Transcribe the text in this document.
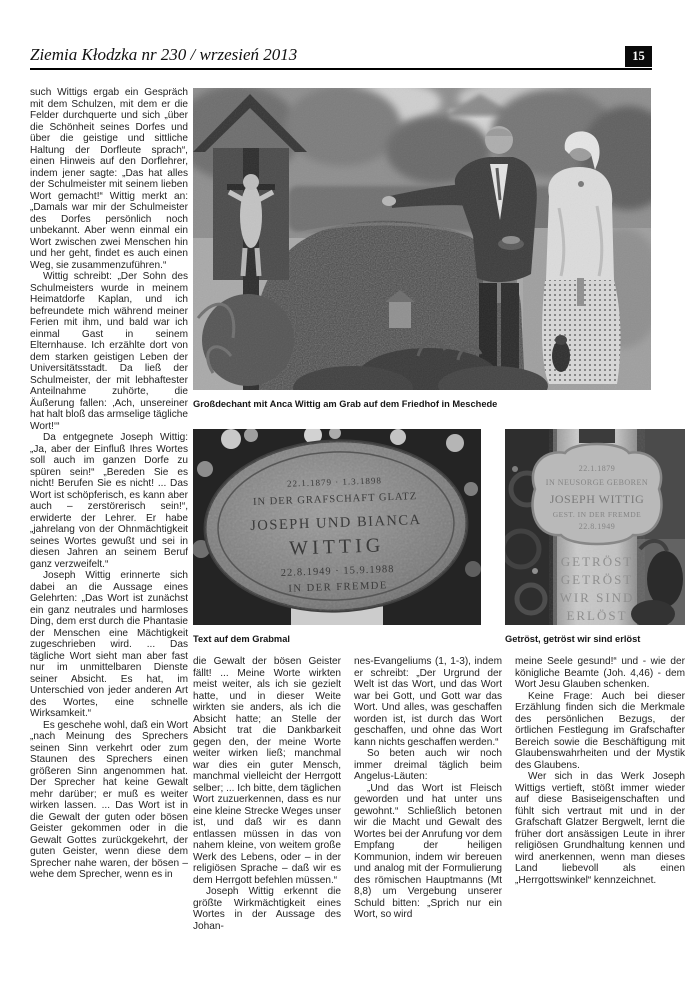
Ziemia Kłodzka nr 230 / wrzesień 2013	15

such Wittigs ergab ein Gespräch mit dem Schulzen, mit dem er die Felder durchquerte und sich „über die Schönheit seines Dorfes und über die geistige und sittliche Haltung der Dorfleute sprach“, einen Hinweis auf den Dorflehrer, indem jener sagte: „Das hat alles der Schulmeister mit seinem lieben Wort gemacht!“ Wittig merkt an: „Damals war mir der Schulmeister des Dorfes persönlich noch unbekannt. Aber wenn einmal ein Wort zwischen zwei Menschen hin und her geht, findet es auch einen Weg, sie zusammenzuführen.“

Wittig schreibt: „Der Sohn des Schulmeisters wurde in meinem Heimatdorfe Kaplan, und ich befreundete mich während meiner Ferien mit ihm, und bald war ich einmal Gast in seinem Elternhause. Ich erzählte dort von dem starken geistigen Leben der Universitätsstadt. Da ließ der Schulmeister, der mit lebhaftester Anteilnahme zuhörte, die Äußerung fallen: ‚Ach, unsereiner hat halt bloß das armselige tägliche Wort!‘“

Da entgegnete Joseph Wittig: „Ja, aber der Einfluß Ihres Wortes soll auch im ganzen Dorfe zu spüren sein!“ „Bereden Sie es nicht! Berufen Sie es nicht! ... Das Wort ist schöpferisch, es kann aber auch – zerstörerisch sein!“, erwiderte der Lehrer. Er habe „jahrelang von der Ohnmächtigkeit seines Wortes gewußt und sei in diesen Jahren an seinem Beruf ganz verzweifelt.“

Joseph Wittig erinnerte sich dabei an die Aussage eines Gelehrten: „Das Wort ist zunächst ein ganz neutrales und harmloses Ding, dem erst durch die Phantasie der Menschen eine Mächtigkeit zugeschrieben wird. ... Das tägliche Wort sieht man aber fast nur im unmittelbaren Dienste seiner Absicht. Es hat, im Unterschied von jeder anderen Art des Wortes, eine schnelle Wirksamkeit.“

Es geschehe wohl, daß ein Wort „nach Meinung des Sprechers seinen Sinn verkehrt oder zum Staunen des Sprechers einen größeren Sinn angenommen hat. Der Sprecher hat keine Gewalt mehr darüber; er muß es weiter wirken lassen. ... Das Wort ist in die Gewalt der guten oder bösen Geister gekommen oder in die Gewalt Gottes zurückgekehrt, der guten Geister, wenn diese dem Sprecher nahe waren, der bösen – wehe dem Sprecher, wenn es in

Großdechant mit Anca Wittig am Grab auf dem Friedhof in Meschede
22.1.1879 · 1.3.1898
IN DER GRAFSCHAFT GLATZ
JOSEPH UND BIANCA
WITTIG
22.8.1949 · 15.9.1988
IN DER FREMDE
Text auf dem Grabmal
22.1.1879
IN NEUSORGE GEBOREN
JOSEPH WITTIG
GEST. IN DER FREMDE
22.8.1949
GETRÖST
GETRÖST
WIR SIND
ERLÖST
Getröst, getröst wir sind erlöst

die Gewalt der bösen Geister fällt! ... Meine Worte wirkten meist weiter, als ich sie gezielt hatte, und in dieser Weite wirkten sie anders, als ich die Absicht hatte; an Stelle der Absicht trat die Dankbarkeit gegen den, der meine Worte weiter wirken ließ; manchmal war dies ein guter Mensch, manchmal vielleicht der Herrgott selber; ... Ich bitte, dem täglichen Wort zuzuerkennen, dass es nur eine kleine Strecke Weges unser ist, und daß wir es dann entlassen müssen in das von nahem kleine, von weitem große Werk des Lebens, oder – in der religiösen Sprache – daß wir es dem Herrgott befehlen müssen.“

Joseph Wittig erkennt die größte Wirkmächtigkeit eines Wortes in der Aussage des Johan-

nes-Evangeliums (1, 1-3), indem er schreibt: „Der Urgrund der Welt ist das Wort, und das Wort war bei Gott, und Gott war das Wort. Und alles, was geschaffen worden ist, ist durch das Wort geschaffen, und ohne das Wort kann nichts geschaffen werden.“

So beten auch wir noch immer dreimal täglich beim Angelus-Läuten:

„Und das Wort ist Fleisch geworden und hat unter uns gewohnt.“ Schließlich betonen wir die Macht und Gewalt des Wortes bei der Anrufung vor dem Empfang der heiligen Kommunion, indem wir bereuen und analog mit der Formulierung des römischen Hauptmanns (Mt 8,8) um Vergebung unserer Schuld bitten: „Sprich nur ein Wort, so wird

meine Seele gesund!“ und - wie der königliche Beamte (Joh. 4,46) - dem Wort Jesu Glauben schenken.

Keine Frage: Auch bei dieser Erzählung finden sich die Merkmale des persönlichen Bezugs, der örtlichen Festlegung im Grafschafter Bereich sowie die Beschäftigung mit Glaubenswahrheiten und der Mystik des Glaubens.

Wer sich in das Werk Joseph Wittigs vertieft, stößt immer wieder auf diese Basiseigenschaften und fühlt sich vertraut mit und in der Grafschaft Glatzer Bergwelt, lernt die früher dort ansässigen Leute in ihrer religiösen Grundhaltung kennen und wird anerkennen, wenn man dieses Land liebevoll als einen „Herrgottswinkel“ kennzeichnet.
